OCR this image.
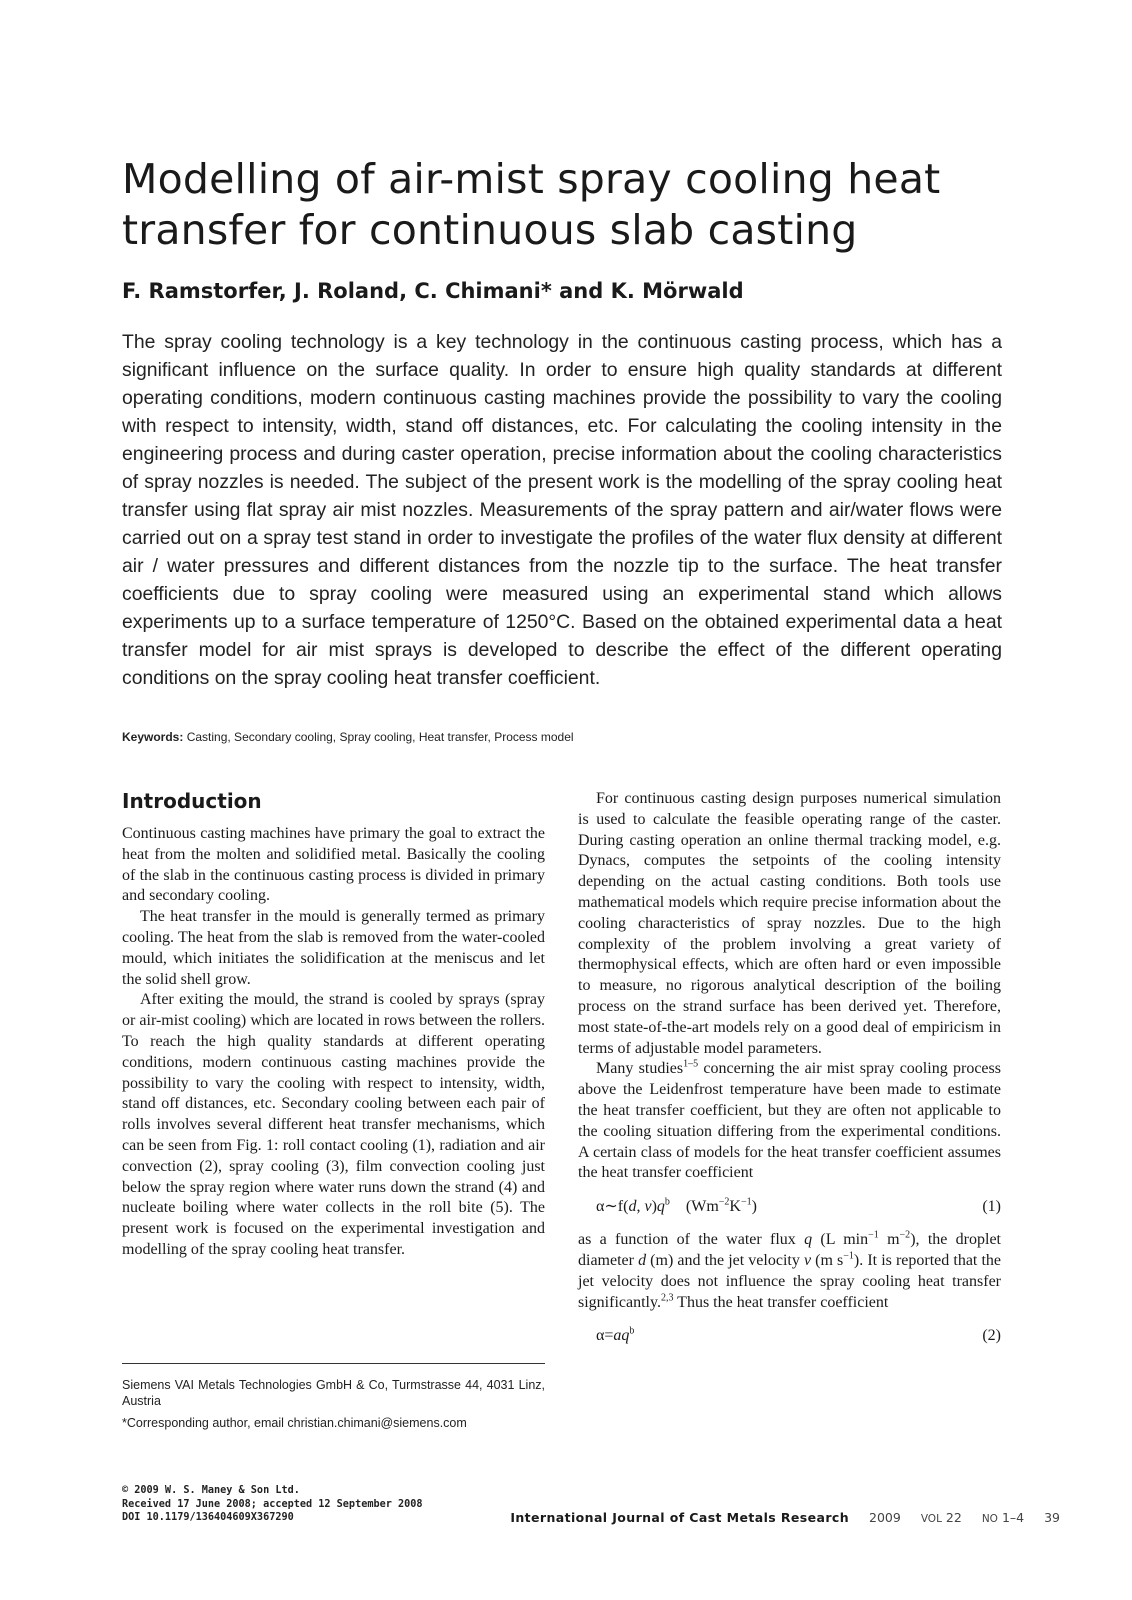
Modelling of air-mist spray cooling heat transfer for continuous slab casting

F. Ramstorfer, J. Roland, C. Chimani* and K. Mörwald

The spray cooling technology is a key technology in the continuous casting process, which has a significant influence on the surface quality. In order to ensure high quality standards at different operating conditions, modern continuous casting machines provide the possibility to vary the cooling with respect to intensity, width, stand off distances, etc. For calculating the cooling intensity in the engineering process and during caster operation, precise information about the cooling characteristics of spray nozzles is needed. The subject of the present work is the modelling of the spray cooling heat transfer using flat spray air mist nozzles. Measurements of the spray pattern and air/water flows were carried out on a spray test stand in order to investigate the profiles of the water flux density at different air / water pressures and different distances from the nozzle tip to the surface. The heat transfer coefficients due to spray cooling were measured using an experimental stand which allows experiments up to a surface temperature of 1250°C. Based on the obtained experimental data a heat transfer model for air mist sprays is developed to describe the effect of the different operating conditions on the spray cooling heat transfer coefficient.

Keywords: Casting, Secondary cooling, Spray cooling, Heat transfer, Process model

Introduction

Continuous casting machines have primary the goal to extract the heat from the molten and solidified metal. Basically the cooling of the slab in the continuous casting process is divided in primary and secondary cooling.

The heat transfer in the mould is generally termed as primary cooling. The heat from the slab is removed from the water-cooled mould, which initiates the solidification at the meniscus and let the solid shell grow.

After exiting the mould, the strand is cooled by sprays (spray or air-mist cooling) which are located in rows between the rollers. To reach the high quality standards at different operating conditions, modern continuous casting machines provide the possibility to vary the cooling with respect to intensity, width, stand off distances, etc. Secondary cooling between each pair of rolls involves several different heat transfer mechanisms, which can be seen from Fig. 1: roll contact cooling (1), radiation and air convection (2), spray cooling (3), film convection cooling just below the spray region where water runs down the strand (4) and nucleate boiling where water collects in the roll bite (5). The present work is focused on the experimental investigation and modelling of the spray cooling heat transfer.

For continuous casting design purposes numerical simulation is used to calculate the feasible operating range of the caster. During casting operation an online thermal tracking model, e.g. Dynacs, computes the setpoints of the cooling intensity depending on the actual casting conditions. Both tools use mathematical models which require precise information about the cooling characteristics of spray nozzles. Due to the high complexity of the problem involving a great variety of thermophysical effects, which are often hard or even impossible to measure, no rigorous analytical description of the boiling process on the strand surface has been derived yet. Therefore, most state-of-the-art models rely on a good deal of empiricism in terms of adjustable model parameters.

Many studies$^{1-5}$ concerning the air mist spray cooling process above the Leidenfrost temperature have been made to estimate the heat transfer coefficient, but they are often not applicable to the cooling situation differing from the experimental conditions. A certain class of models for the heat transfer coefficient assumes the heat transfer coefficient

α∼f(d, $v)q^b$    $(Wm^{-2}K^{-1})$	(1)

as a function of the water flux q (L $\min^{-1} m^{-2}$), the droplet diameter d (m) and the jet velocity v (m $s^{-1}$). It is reported that the jet velocity does not influence the spray cooling heat transfer significantly.$^{2,3}$ Thus the heat transfer coefficient

$\alpha=aq^b$	(2)

Siemens VAI Metals Technologies GmbH & Co, Turmstrasse 44, 4031 Linz, Austria

*Corresponding author, email christian.chimani@siemens.com

© 2009 W. S. Maney & Son Ltd.
Received 17 June 2008; accepted 12 September 2008
DOI 10.1179/136404609X367290	International Journal of Cast Metals Research 2009 VOL 22 NO 1–4 39
